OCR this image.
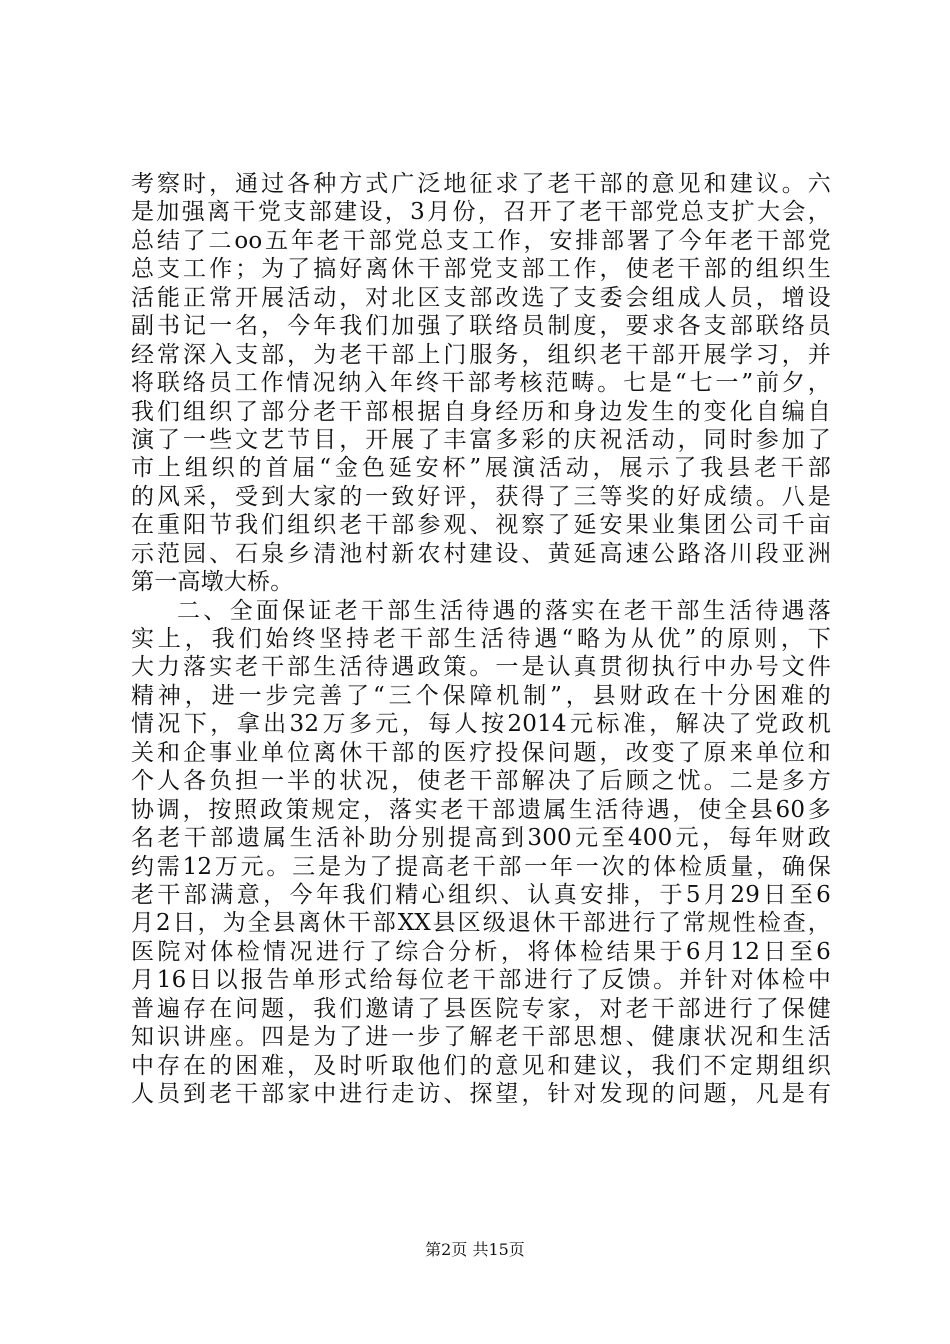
考察时，通过各种方式广泛地征求了老干部的意见和建议。六
是加强离干党支部建设，3月份，召开了老干部党总支扩大会，
总结了二oo五年老干部党总支工作，安排部署了今年老干部党
总支工作；为了搞好离休干部党支部工作，使老干部的组织生
活能正常开展活动，对北区支部改选了支委会组成人员，增设
副书记一名，今年我们加强了联络员制度，要求各支部联络员
经常深入支部，为老干部上门服务，组织老干部开展学习，并
将联络员工作情况纳入年终干部考核范畴。七是“七一”前夕，
我们组织了部分老干部根据自身经历和身边发生的变化自编自
演了一些文艺节目，开展了丰富多彩的庆祝活动，同时参加了
市上组织的首届“金色延安杯”展演活动，展示了我县老干部
的风采，受到大家的一致好评，获得了三等奖的好成绩。八是
在重阳节我们组织老干部参观、视察了延安果业集团公司千亩
示范园、石泉乡清池村新农村建设、黄延高速公路洛川段亚洲
第一高墩大桥。
二、全面保证老干部生活待遇的落实在老干部生活待遇落
实上，我们始终坚持老干部生活待遇“略为从优”的原则，下
大力落实老干部生活待遇政策。一是认真贯彻执行中办号文件
精神，进一步完善了“三个保障机制”，县财政在十分困难的
情况下，拿出32万多元，每人按2014元标准，解决了党政机
关和企事业单位离休干部的医疗投保问题，改变了原来单位和
个人各负担一半的状况，使老干部解决了后顾之忧。二是多方
协调，按照政策规定，落实老干部遗属生活待遇，使全县60多
名老干部遗属生活补助分别提高到300元至400元，每年财政
约需12万元。三是为了提高老干部一年一次的体检质量，确保
老干部满意，今年我们精心组织、认真安排，于5月29日至6
月2日，为全县离休干部XX县区级退休干部进行了常规性检查，
医院对体检情况进行了综合分析，将体检结果于6月12日至6
月16日以报告单形式给每位老干部进行了反馈。并针对体检中
普遍存在问题，我们邀请了县医院专家，对老干部进行了保健
知识讲座。四是为了进一步了解老干部思想、健康状况和生活
中存在的困难，及时听取他们的意见和建议，我们不定期组织
人员到老干部家中进行走访、探望，针对发现的问题，凡是有
第2页 共15页
